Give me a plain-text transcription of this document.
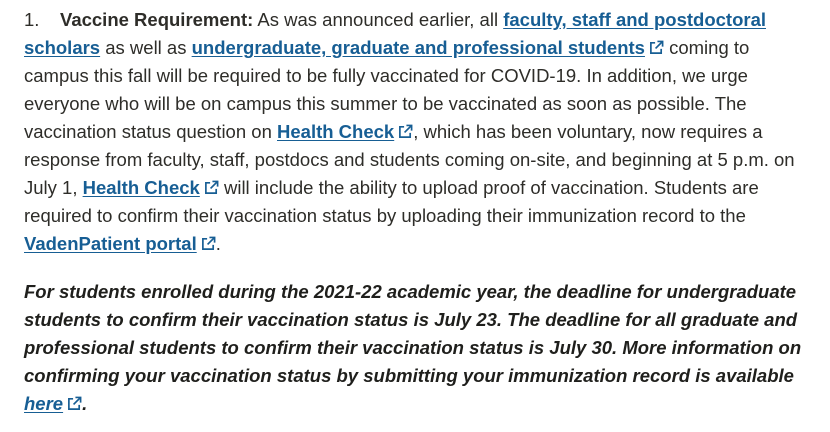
1. Vaccine Requirement: As was announced earlier, all faculty, staff and postdoctoral scholars as well as undergraduate, graduate and professional students
coming to campus this fall will be required to be fully vaccinated for COVID-19. In addition, we urge everyone who will be on campus this summer to be vaccinated as soon as possible. The vaccination status question on Health Check , which has been voluntary, now requires a response from faculty, staff, postdocs and students coming on-site, and beginning at 5 p.m. on July 1, Health Check
will include the ability to upload proof of vaccination. Students are required to confirm their vaccination status by uploading their immunization record to the VadenPatient portal .

For students enrolled during the 2021-22 academic year, the deadline for undergraduate students to confirm their vaccination status is July 23. The deadline for all graduate and professional students to confirm their vaccination status is July 30. More information on confirming your vaccination status by submitting your immunization record is available here .
